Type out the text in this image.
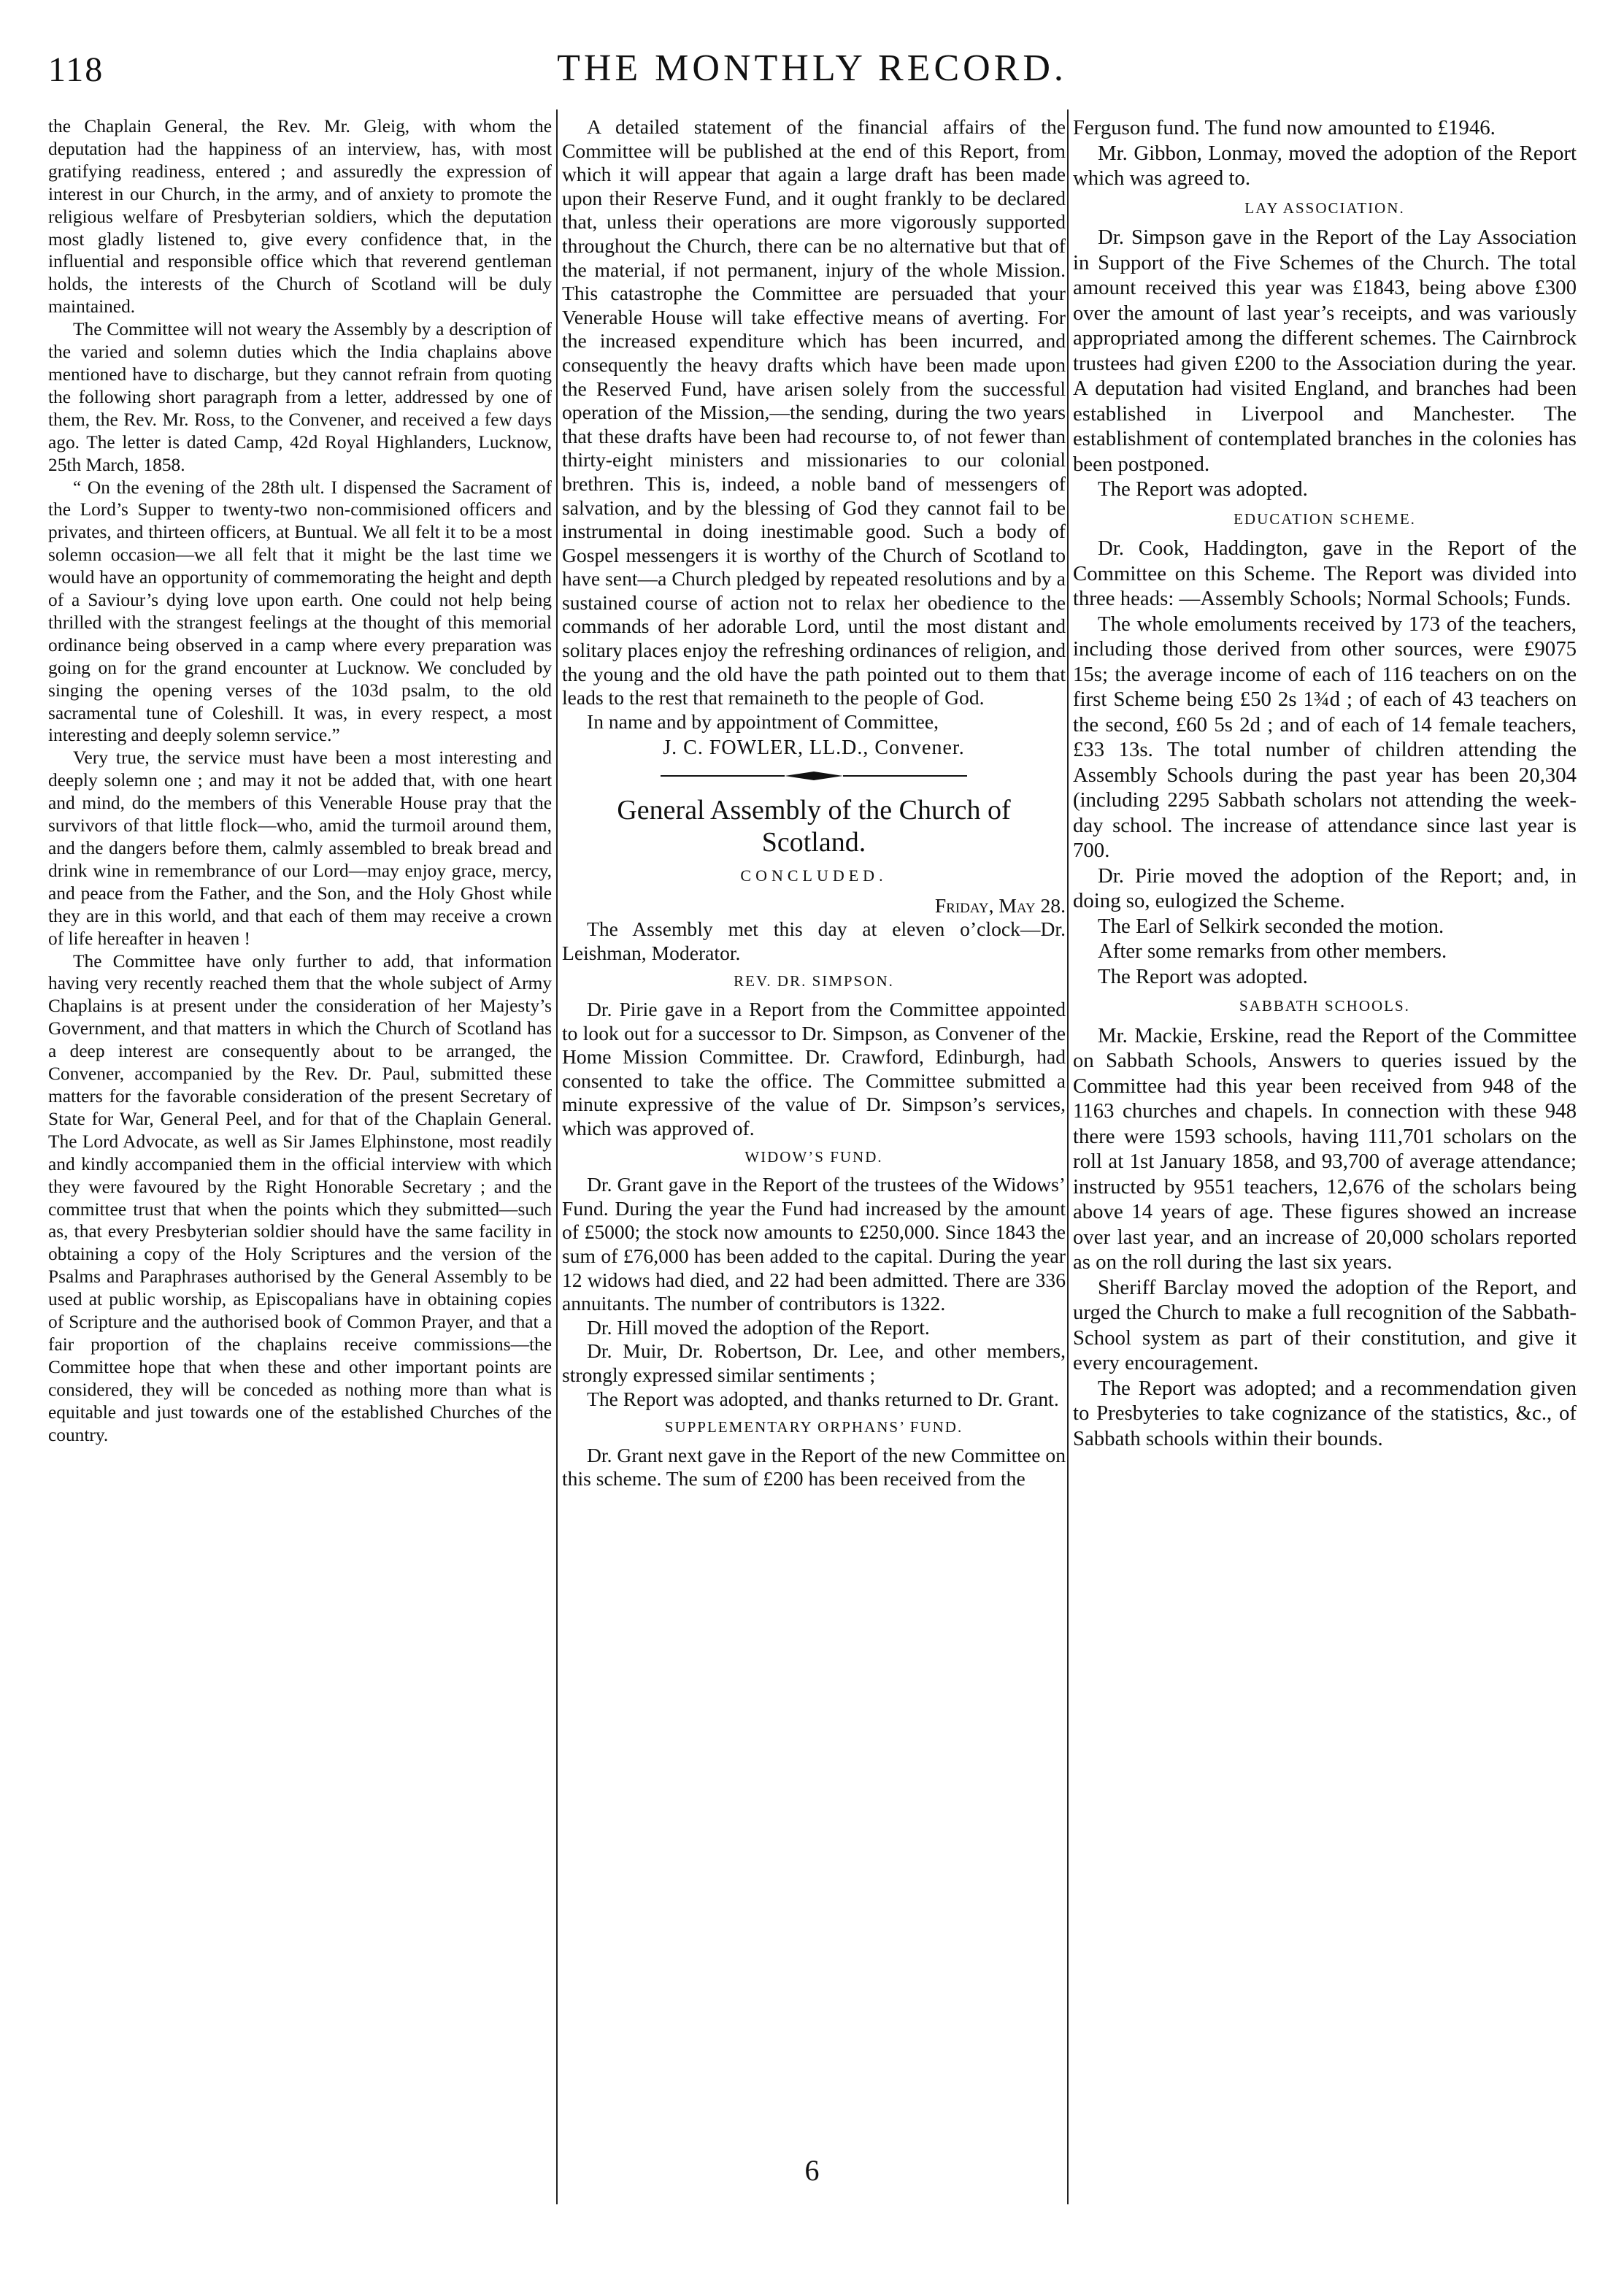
118	THE MONTHLY RECORD.

the Chaplain General, the Rev. Mr. Gleig, with whom the deputation had the happiness of an interview, has, with most gratifying readiness, entered ; and assuredly the expression of interest in our Church, in the army, and of anxiety to promote the religious welfare of Presbyterian soldiers, which the deputation most gladly listened to, give every confidence that, in the influential and responsible office which that reverend gentleman holds, the interests of the Church of Scotland will be duly maintained.

The Committee will not weary the Assembly by a description of the varied and solemn duties which the India chaplains above mentioned have to discharge, but they cannot refrain from quoting the following short paragraph from a letter, addressed by one of them, the Rev. Mr. Ross, to the Convener, and received a few days ago. The letter is dated Camp, 42d Royal Highlanders, Lucknow, 25th March, 1858.

“ On the evening of the 28th ult. I dispensed the Sacrament of the Lord’s Supper to twenty-two non-commisioned officers and privates, and thirteen officers, at Buntual. We all felt it to be a most solemn occasion—we all felt that it might be the last time we would have an opportunity of commemorating the height and depth of a Saviour’s dying love upon earth. One could not help being thrilled with the strangest feelings at the thought of this memorial ordinance being observed in a camp where every preparation was going on for the grand encounter at Lucknow. We concluded by singing the opening verses of the 103d psalm, to the old sacramental tune of Coleshill. It was, in every respect, a most interesting and deeply solemn service.”

Very true, the service must have been a most interesting and deeply solemn one ; and may it not be added that, with one heart and mind, do the members of this Venerable House pray that the survivors of that little flock—who, amid the turmoil around them, and the dangers before them, calmly assembled to break bread and drink wine in remembrance of our Lord—may enjoy grace, mercy, and peace from the Father, and the Son, and the Holy Ghost while they are in this world, and that each of them may receive a crown of life hereafter in heaven !

The Committee have only further to add, that information having very recently reached them that the whole subject of Army Chaplains is at present under the consideration of her Majesty’s Government, and that matters in which the Church of Scotland has a deep interest are consequently about to be arranged, the Convener, accompanied by the Rev. Dr. Paul, submitted these matters for the favorable consideration of the present Secretary of State for War, General Peel, and for that of the Chaplain General. The Lord Advocate, as well as Sir James Elphinstone, most readily and kindly accompanied them in the official interview with which they were favoured by the Right Honorable Secretary ; and the committee trust that when the points which they submitted—such as, that every Presbyterian soldier should have the same facility in obtaining a copy of the Holy Scriptures and the version of the Psalms and Paraphrases authorised by the General Assembly to be used at public worship, as Episcopalians have in obtaining copies of Scripture and the authorised book of Common Prayer, and that a fair proportion of the chaplains receive commissions—the Committee hope that when these and other important points are considered, they will be conceded as nothing more than what is equitable and just towards one of the established Churches of the country.

A detailed statement of the financial affairs of the Committee will be published at the end of this Report, from which it will appear that again a large draft has been made upon their Reserve Fund, and it ought frankly to be declared that, unless their operations are more vigorously supported throughout the Church, there can be no alternative but that of the material, if not permanent, injury of the whole Mission. This catastrophe the Committee are persuaded that your Venerable House will take effective means of averting. For the increased expenditure which has been incurred, and consequently the heavy drafts which have been made upon the Reserved Fund, have arisen solely from the successful operation of the Mission,—the sending, during the two years that these drafts have been had recourse to, of not fewer than thirty-eight ministers and missionaries to our colonial brethren. This is, indeed, a noble band of messengers of salvation, and by the blessing of God they cannot fail to be instrumental in doing inestimable good. Such a body of Gospel messengers it is worthy of the Church of Scotland to have sent—a Church pledged by repeated resolutions and by a sustained course of action not to relax her obedience to the commands of her adorable Lord, until the most distant and solitary places enjoy the refreshing ordinances of religion, and the young and the old have the path pointed out to them that leads to the rest that remaineth to the people of God.

In name and by appointment of Committee,

J. C. FOWLER, LL.D., Convener.

General Assembly of the Church of Scotland.

CONCLUDED.

Friday, May 28.

The Assembly met this day at eleven o’clock—Dr. Leishman, Moderator.

REV. DR. SIMPSON.

Dr. Pirie gave in a Report from the Committee appointed to look out for a successor to Dr. Simpson, as Convener of the Home Mission Committee. Dr. Crawford, Edinburgh, had consented to take the office. The Committee submitted a minute expressive of the value of Dr. Simpson’s services, which was approved of.

WIDOW’S FUND.

Dr. Grant gave in the Report of the trustees of the Widows’ Fund. During the year the Fund had increased by the amount of £5000; the stock now amounts to £250,000. Since 1843 the sum of £76,000 has been added to the capital. During the year 12 widows had died, and 22 had been admitted. There are 336 annuitants. The number of contributors is 1322.

Dr. Hill moved the adoption of the Report.

Dr. Muir, Dr. Robertson, Dr. Lee, and other members, strongly expressed similar sentiments ;

The Report was adopted, and thanks returned to Dr. Grant.

SUPPLEMENTARY ORPHANS’ FUND.

Dr. Grant next gave in the Report of the new Committee on this scheme. The sum of £200 has been received from the

Ferguson fund. The fund now amounted to £1946.

Mr. Gibbon, Lonmay, moved the adoption of the Report which was agreed to.

LAY ASSOCIATION.

Dr. Simpson gave in the Report of the Lay Association in Support of the Five Schemes of the Church. The total amount received this year was £1843, being above £300 over the amount of last year’s receipts, and was variously appropriated among the different schemes. The Cairnbrock trustees had given £200 to the Association during the year. A deputation had visited England, and branches had been established in Liverpool and Manchester. The establishment of contemplated branches in the colonies has been postponed.

The Report was adopted.

EDUCATION SCHEME.

Dr. Cook, Haddington, gave in the Report of the Committee on this Scheme. The Report was divided into three heads: —Assembly Schools; Normal Schools; Funds.

The whole emoluments received by 173 of the teachers, including those derived from other sources, were £9075 15s; the average income of each of 116 teachers on on the first Scheme being £50 2s 1¾d ; of each of 43 teachers on the second, £60 5s 2d ; and of each of 14 female teachers, £33 13s. The total number of children attending the Assembly Schools during the past year has been 20,304 (including 2295 Sabbath scholars not attending the week-day school. The increase of attendance since last year is 700.

Dr. Pirie moved the adoption of the Report; and, in doing so, eulogized the Scheme.

The Earl of Selkirk seconded the motion.

After some remarks from other members.

The Report was adopted.

SABBATH SCHOOLS.

Mr. Mackie, Erskine, read the Report of the Committee on Sabbath Schools, Answers to queries issued by the Committee had this year been received from 948 of the 1163 churches and chapels. In connection with these 948 there were 1593 schools, having 111,701 scholars on the roll at 1st January 1858, and 93,700 of average attendance; instructed by 9551 teachers, 12,676 of the scholars being above 14 years of age. These figures showed an increase over last year, and an increase of 20,000 scholars reported as on the roll during the last six years.

Sheriff Barclay moved the adoption of the Report, and urged the Church to make a full recognition of the Sabbath-School system as part of their constitution, and give it every encouragement.

The Report was adopted; and a recommendation given to Presbyteries to take cognizance of the statistics, &c., of Sabbath schools within their bounds.

6
